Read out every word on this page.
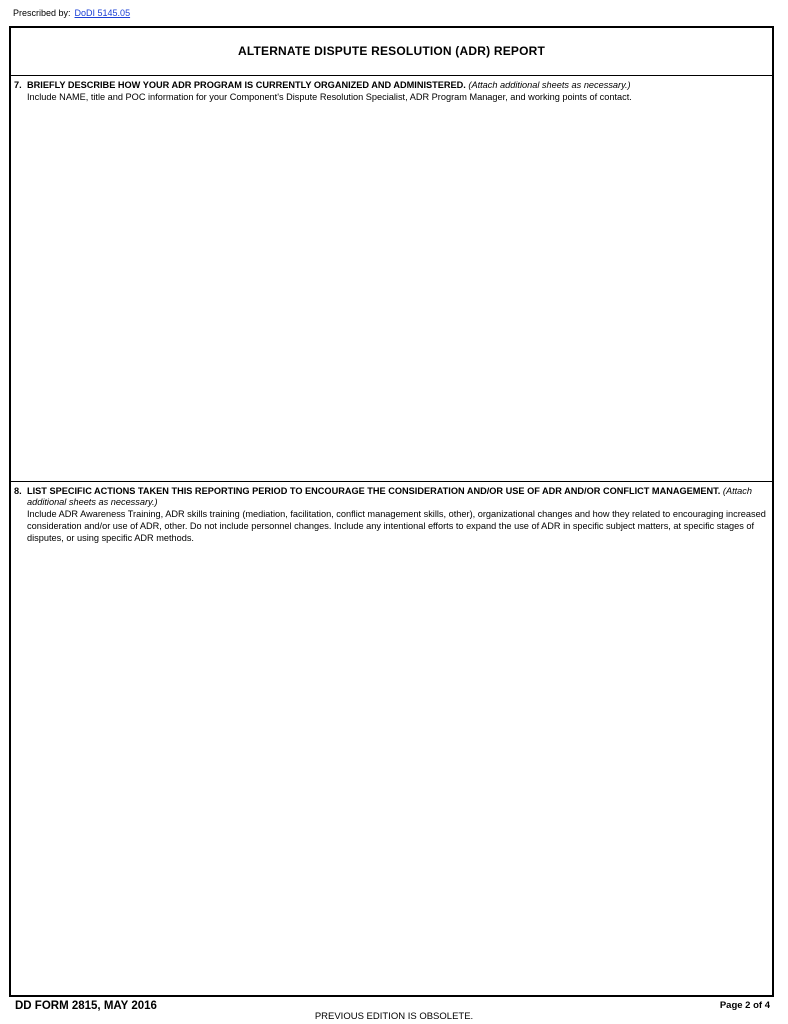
Prescribed by: DoDI 5145.05
ALTERNATE DISPUTE RESOLUTION (ADR) REPORT
7. BRIEFLY DESCRIBE HOW YOUR ADR PROGRAM IS CURRENTLY ORGANIZED AND ADMINISTERED. (Attach additional sheets as necessary.)
Include NAME, title and POC information for your Component's Dispute Resolution Specialist, ADR Program Manager, and working points of contact.
8. LIST SPECIFIC ACTIONS TAKEN THIS REPORTING PERIOD TO ENCOURAGE THE CONSIDERATION AND/OR USE OF ADR AND/OR CONFLICT MANAGEMENT. (Attach additional sheets as necessary.)
Include ADR Awareness Training, ADR skills training (mediation, facilitation, conflict management skills, other), organizational changes and how they related to encouraging increased consideration and/or use of ADR, other. Do not include personnel changes. Include any intentional efforts to expand the use of ADR in specific subject matters, at specific stages of disputes, or using specific ADR methods.
DD FORM 2815, MAY 2016
PREVIOUS EDITION IS OBSOLETE.
Page 2 of 4
